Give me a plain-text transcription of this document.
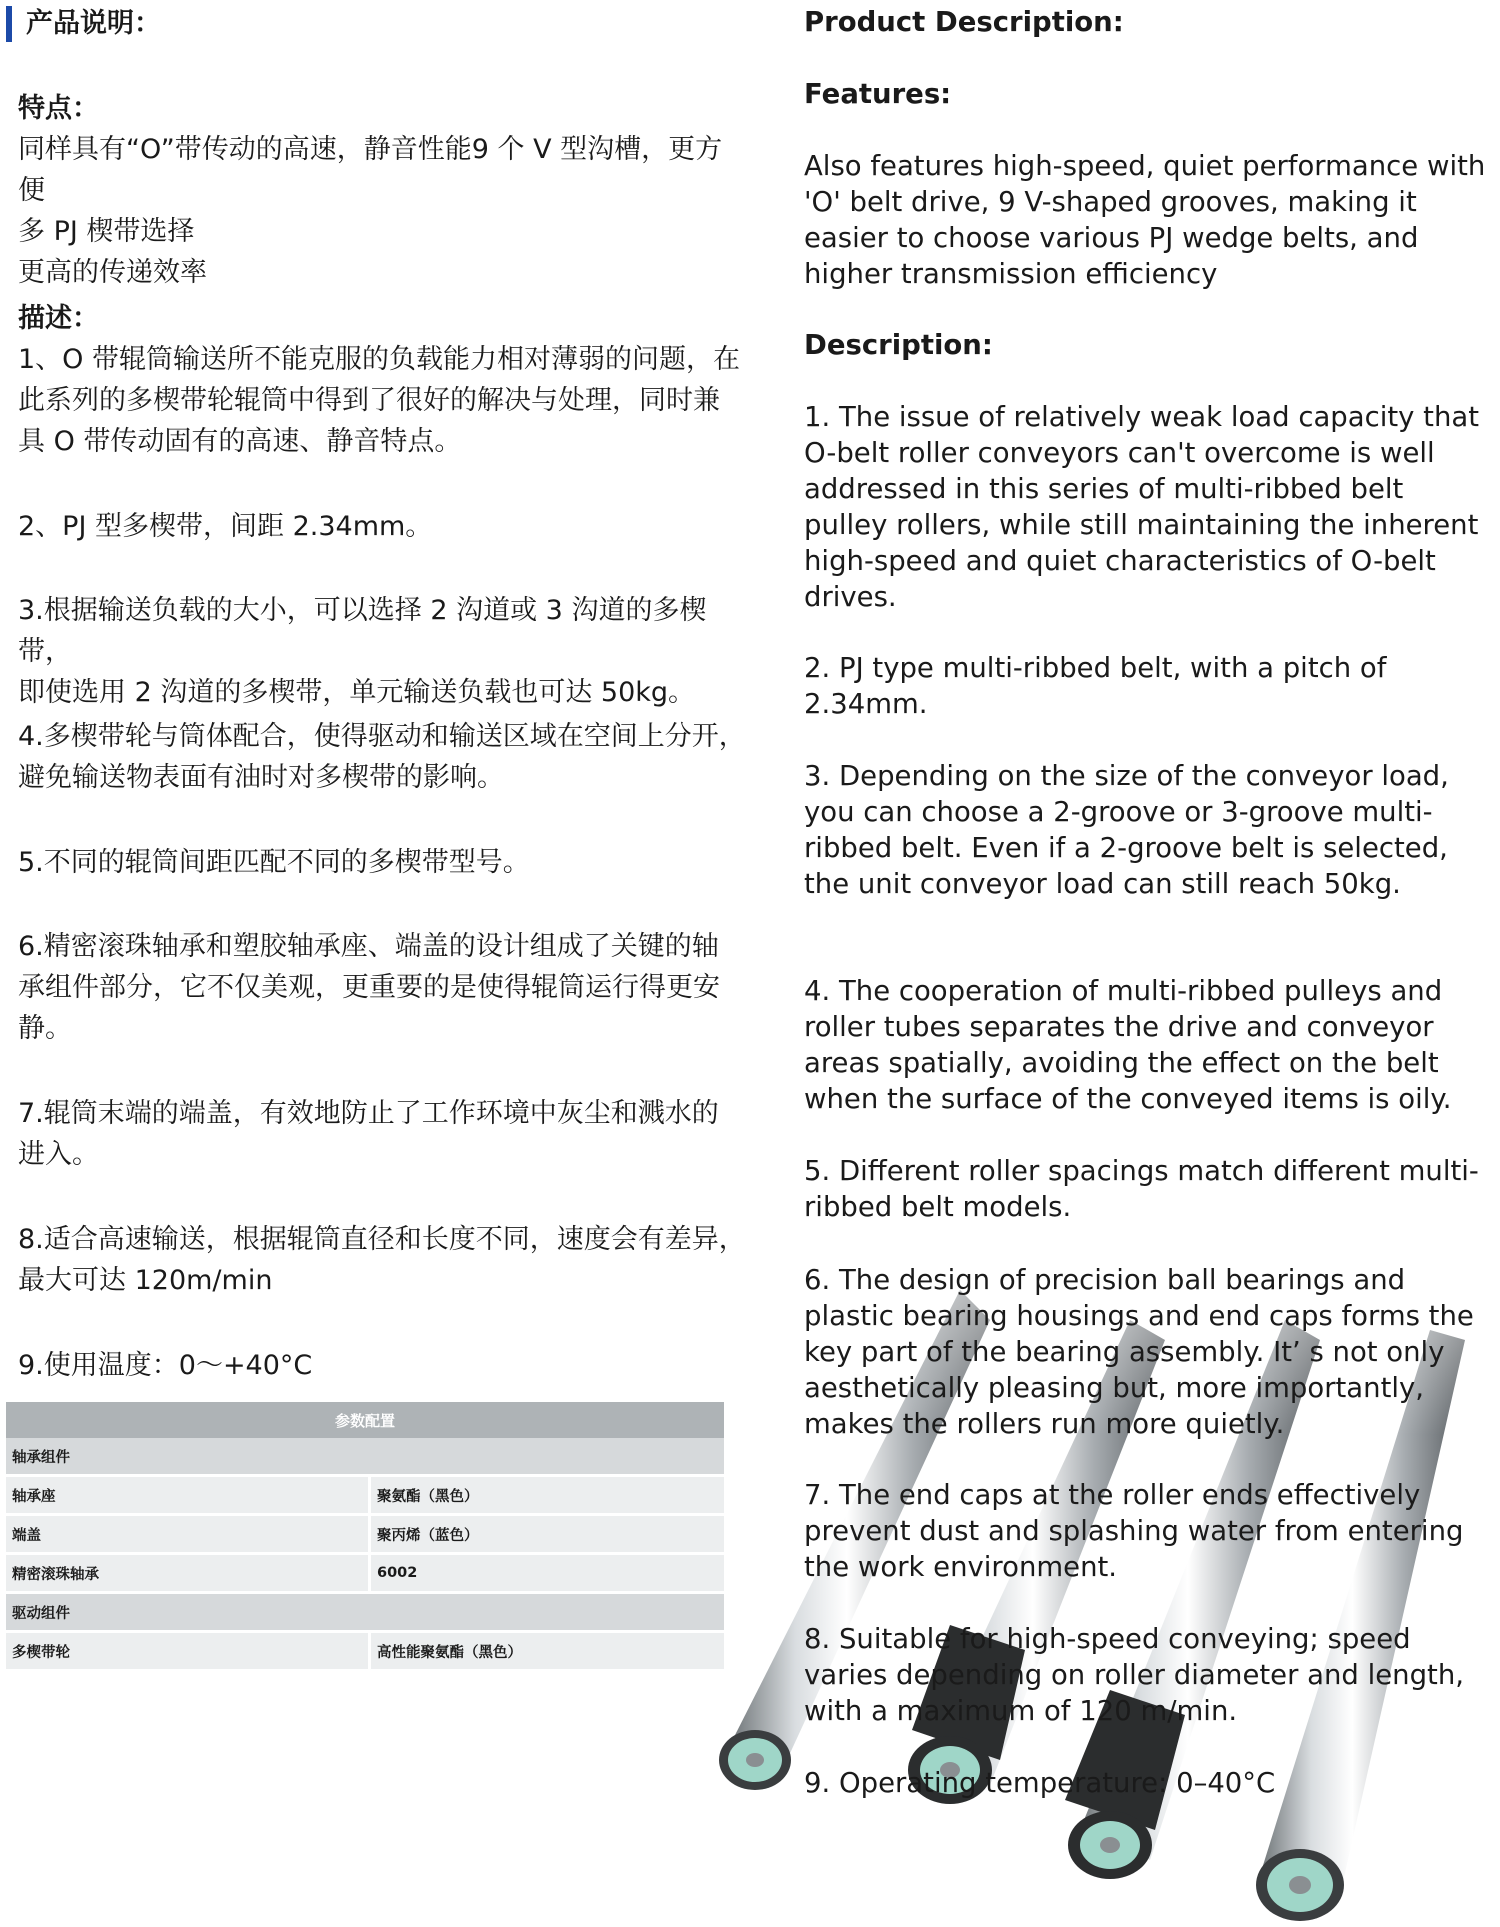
产品说明：

特点：

同样具有“O”带传动的高速，静音性能9 个 V 型沟槽，更方便

多 PJ 楔带选择

更高的传递效率

描述：

1、O 带辊筒输送所不能克服的负载能力相对薄弱的问题，在

此系列的多楔带轮辊筒中得到了很好的解决与处理，同时兼

具 O 带传动固有的高速、静音特点。

2、PJ 型多楔带，间距 2.34mm。

3.根据输送负载的大小，可以选择 2 沟道或 3 沟道的多楔带，

即使选用 2 沟道的多楔带，单元输送负载也可达 50kg。

4.多楔带轮与筒体配合，使得驱动和输送区域在空间上分开，

避免输送物表面有油时对多楔带的影响。

5.不同的辊筒间距匹配不同的多楔带型号。

6.精密滚珠轴承和塑胶轴承座、端盖的设计组成了关键的轴

承组件部分，它不仅美观，更重要的是使得辊筒运行得更安

静。

7.辊筒末端的端盖，有效地防止了工作环境中灰尘和溅水的

进入。

8.适合高速输送，根据辊筒直径和长度不同，速度会有差异，

最大可达 120m/min

9.使用温度：0～+40°C

参数配置	
轴承组件	
轴承座	聚氨酯（黑色）
端盖	聚丙烯（蓝色）
精密滚珠轴承	6002
驱动组件	
多楔带轮	高性能聚氨酯（黑色）
Product Description:
Features:

Also features high-speed, quiet performance with 'O' belt drive, 9 V-shaped grooves, making it easier to choose various PJ wedge belts, and higher transmission efficiency

Description:

1. The issue of relatively weak load capacity that O-belt roller conveyors can't overcome is well addressed in this series of multi-ribbed belt pulley rollers, while still maintaining the inherent high-speed and quiet characteristics of O-belt drives.

2. PJ type multi-ribbed belt, with a pitch of 2.34mm.

3. Depending on the size of the conveyor load, you can choose a 2-groove or 3-groove multi-ribbed belt. Even if a 2-groove belt is selected, the unit conveyor load can still reach 50kg.

4. The cooperation of multi-ribbed pulleys and roller tubes separates the drive and conveyor areas spatially, avoiding the effect on the belt when the surface of the conveyed items is oily.

5. Different roller spacings match different multi-ribbed belt models.

6. The design of precision ball bearings and plastic bearing housings and end caps forms the key part of the bearing assembly. It’ s not only aesthetically pleasing but, more importantly, makes the rollers run more quietly.

7. The end caps at the roller ends effectively prevent dust and splashing water from entering the work environment.

8. Suitable for high-speed conveying; speed varies depending on roller diameter and length, with a maximum of 120 m/min.

9. Operating temperature: 0–40°C
